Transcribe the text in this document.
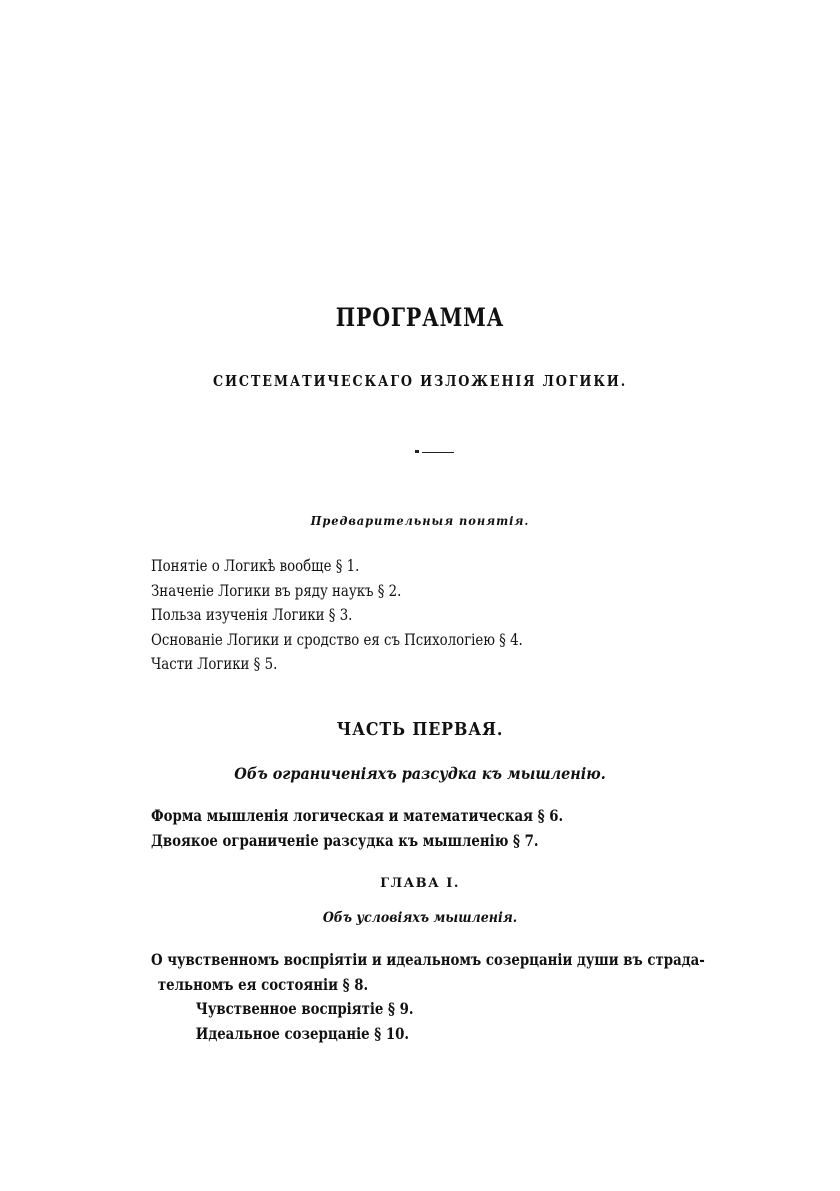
ПРОГРАММА
СИСТЕМАТИЧЕСКАГО ИЗЛОЖЕНІЯ ЛОГИКИ.
Предварительныя понятія.
Понятіе о Логикѣ вообще § 1.
Значеніе Логики въ ряду наукъ § 2.
Польза изученія Логики § 3.
Основаніе Логики и сродство ея съ Психологіею § 4.
Части Логики § 5.
ЧАСТЬ ПЕРВАЯ.
Объ ограниченіяхъ разсудка къ мышленію.
Форма мышленія логическая и математическая § 6.
Двоякое ограниченіе разсудка къ мышленію § 7.
ГЛАВА I.
Объ условіяхъ мышленія.
О чувственномъ воспріятіи и идеальномъ созерцаніи души въ страда-
тельномъ ея состояніи § 8.
Чувственное воспріятіе § 9.
Идеальное созерцаніе § 10.
